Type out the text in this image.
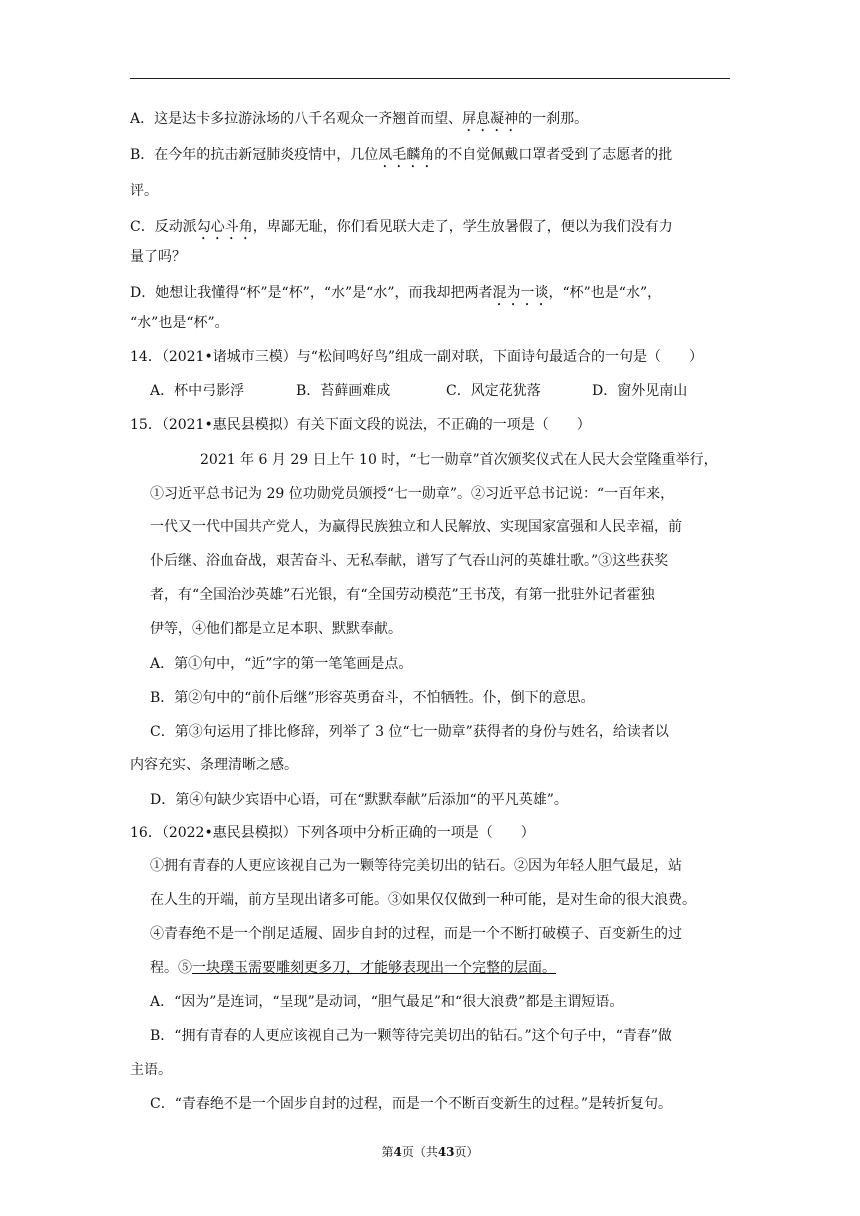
A．这是达卡多拉游泳场的八千名观众一齐翘首而望、屏息凝神的一刹那。
B．在今年的抗击新冠肺炎疫情中，几位凤毛麟角的不自觉佩戴口罩者受到了志愿者的批
评。
C．反动派勾心斗角，卑鄙无耻，你们看见联大走了，学生放暑假了，便以为我们没有力
量了吗？
D．她想让我懂得“杯”是“杯”，“水”是“水”，而我却把两者混为一谈，“杯”也是“水”，
“水”也是“杯”。
14．（2021•诸城市三模）与“松间鸣好鸟”组成一副对联，下面诗句最适合的一句是（　　）
A．杯中弓影浮	B．苔藓画难成	C．风定花犹落	D．窗外见南山
15．（2021•惠民县模拟）有关下面文段的说法，不正确的一项是（　　）
2021 年 6 月 29 日上午 10 时，“七一勋章”首次颁奖仪式在人民大会堂隆重举行，
①习近平总书记为 29 位功勋党员颁授“七一勋章”。②习近平总书记说：“一百年来，
一代又一代中国共产党人，为赢得民族独立和人民解放、实现国家富强和人民幸福，前
仆后继、浴血奋战，艰苦奋斗、无私奉献，谱写了气吞山河的英雄壮歌。”③这些获奖
者，有“全国治沙英雄”石光银，有“全国劳动模范”王书茂，有第一批驻外记者霍独
伊等，④他们都是立足本职、默默奉献。
A．第①句中，“近”字的第一笔笔画是点。
B．第②句中的“前仆后继”形容英勇奋斗，不怕牺牲。仆，倒下的意思。
C．第③句运用了排比修辞，列举了 3 位“七一勋章”获得者的身份与姓名，给读者以
内容充实、条理清晰之感。
D．第④句缺少宾语中心语，可在“默默奉献”后添加“的平凡英雄”。
16．（2022•惠民县模拟）下列各项中分析正确的一项是（　　）
①拥有青春的人更应该视自己为一颗等待完美切出的钻石。②因为年轻人胆气最足，站
在人生的开端，前方呈现出诸多可能。③如果仅仅做到一种可能，是对生命的很大浪费。
④青春绝不是一个削足适履、固步自封的过程，而是一个不断打破模子、百变新生的过
程。⑤一块璞玉需要雕刻更多刀，才能够表现出一个完整的层面。
A．“因为”是连词，“呈现”是动词，“胆气最足”和“很大浪费”都是主谓短语。
B．“拥有青春的人更应该视自己为一颗等待完美切出的钻石。”这个句子中，“青春”做
主语。
C．“青春绝不是一个固步自封的过程，而是一个不断百变新生的过程。”是转折复句。
第4页（共43页）
